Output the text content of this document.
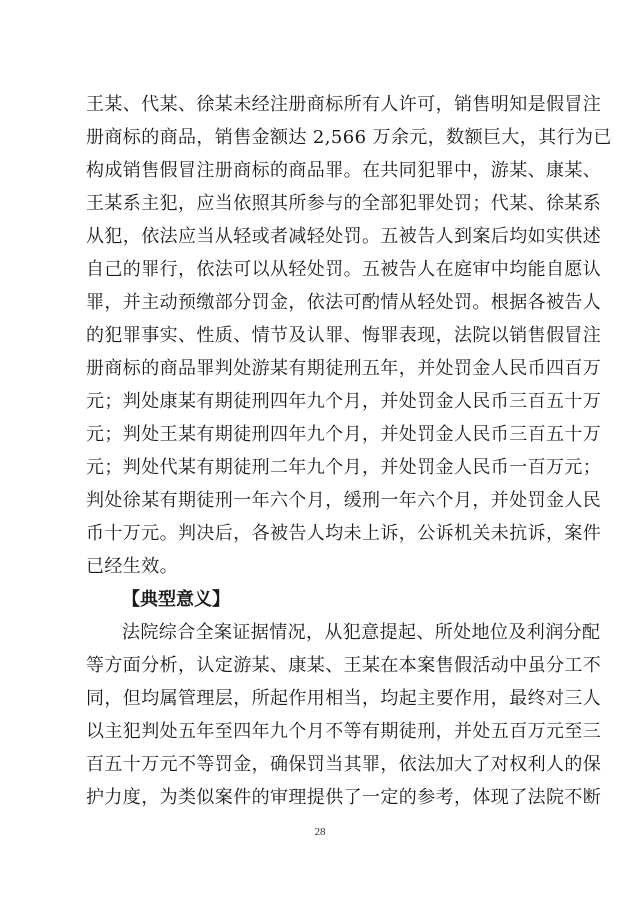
王某、代某、徐某未经注册商标所有人许可，销售明知是假冒注
册商标的商品，销售金额达 2,566 万余元，数额巨大，其行为已
构成销售假冒注册商标的商品罪。在共同犯罪中，游某、康某、
王某系主犯，应当依照其所参与的全部犯罪处罚；代某、徐某系
从犯，依法应当从轻或者减轻处罚。五被告人到案后均如实供述
自己的罪行，依法可以从轻处罚。五被告人在庭审中均能自愿认
罪，并主动预缴部分罚金，依法可酌情从轻处罚。根据各被告人
的犯罪事实、性质、情节及认罪、悔罪表现，法院以销售假冒注
册商标的商品罪判处游某有期徒刑五年，并处罚金人民币四百万
元；判处康某有期徒刑四年九个月，并处罚金人民币三百五十万
元；判处王某有期徒刑四年九个月，并处罚金人民币三百五十万
元；判处代某有期徒刑二年九个月，并处罚金人民币一百万元；
判处徐某有期徒刑一年六个月，缓刑一年六个月，并处罚金人民
币十万元。判决后，各被告人均未上诉，公诉机关未抗诉，案件
已经生效。
【典型意义】
法院综合全案证据情况，从犯意提起、所处地位及利润分配
等方面分析，认定游某、康某、王某在本案售假活动中虽分工不
同，但均属管理层，所起作用相当，均起主要作用，最终对三人
以主犯判处五年至四年九个月不等有期徒刑，并处五百万元至三
百五十万元不等罚金，确保罚当其罪，依法加大了对权利人的保
护力度，为类似案件的审理提供了一定的参考，体现了法院不断
28
